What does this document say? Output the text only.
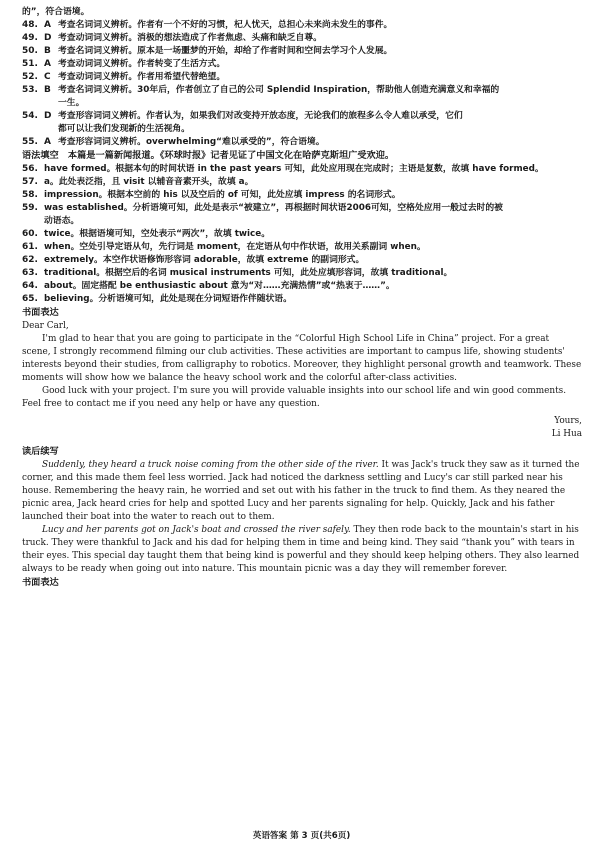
的”，符合语境。
48. A 考查名词词义辨析。作者有一个不好的习惯，杞人忧天，总担心未来尚未发生的事件。
49. D 考查动词词义辨析。消极的想法造成了作者焦虑、头痛和缺乏自尊。
50. B 考查名词词义辨析。原本是一场噩梦的开始，却给了作者时间和空间去学习个人发展。
51. A 考查动词词义辨析。作者转变了生活方式。
52. C 考查动词词义辨析。作者用希望代替绝望。
53. B 考查名词词义辨析。30年后，作者创立了自己的公司 Splendid Inspiration，帮助他人创造充满意义和幸福的
一生。
54. D 考查形容词词义辨析。作者认为，如果我们对改变持开放态度，无论我们的旅程多么令人难以承受，它们
都可以让我们发现新的生活视角。
55. A 考查形容词词义辨析。overwhelming“难以承受的”，符合语境。
语法填空　本篇是一篇新闻报道。《环球时报》记者见证了中国文化在哈萨克斯坦广受欢迎。
56. have formed。根据本句的时间状语 in the past years 可知，此处应用现在完成时；主语是复数，故填 have formed。
57. a。此处表泛指，且 visit 以辅音音素开头，故填 a。
58. impression。根据本空前的 his 以及空后的 of 可知，此处应填 impress 的名词形式。
59. was established。分析语境可知，此处是表示“被建立”，再根据时间状语2006可知，空格处应用一般过去时的被
动语态。
60. twice。根据语境可知，空处表示“两次”，故填 twice。
61. when。空处引导定语从句，先行词是 moment，在定语从句中作状语，故用关系副词 when。
62. extremely。本空作状语修饰形容词 adorable，故填 extreme 的副词形式。
63. traditional。根据空后的名词 musical instruments 可知，此处应填形容词，故填 traditional。
64. about。固定搭配 be enthusiastic about 意为“对……充满热情”或“热衷于……”。
65. believing。分析语境可知，此处是现在分词短语作伴随状语。
书面表达
Dear Carl,
I'm glad to hear that you are going to participate in the “Colorful High School Life in China” project. For a great
scene, I strongly recommend filming our club activities. These activities are important to campus life, showing students'
interests beyond their studies, from calligraphy to robotics. Moreover, they highlight personal growth and teamwork. These
moments will show how we balance the heavy school work and the colorful after-class activities.
Good luck with your project. I'm sure you will provide valuable insights into our school life and win good comments.
Feel free to contact me if you need any help or have any question.
Yours,
Li Hua
读后续写
Suddenly, they heard a truck noise coming from the other side of the river. It was Jack's truck they saw as it turned the
corner, and this made them feel less worried. Jack had noticed the darkness settling and Lucy's car still parked near his
house. Remembering the heavy rain, he worried and set out with his father in the truck to find them. As they neared the
picnic area, Jack heard cries for help and spotted Lucy and her parents signaling for help. Quickly, Jack and his father
launched their boat into the water to reach out to them.
Lucy and her parents got on Jack's boat and crossed the river safely. They then rode back to the mountain's start in his
truck. They were thankful to Jack and his dad for helping them in time and being kind. They said “thank you” with tears in
their eyes. This special day taught them that being kind is powerful and they should keep helping others. They also learned
always to be ready when going out into nature. This mountain picnic was a day they will remember forever.
书面表达
英语答案 第 3 页(共6页)
